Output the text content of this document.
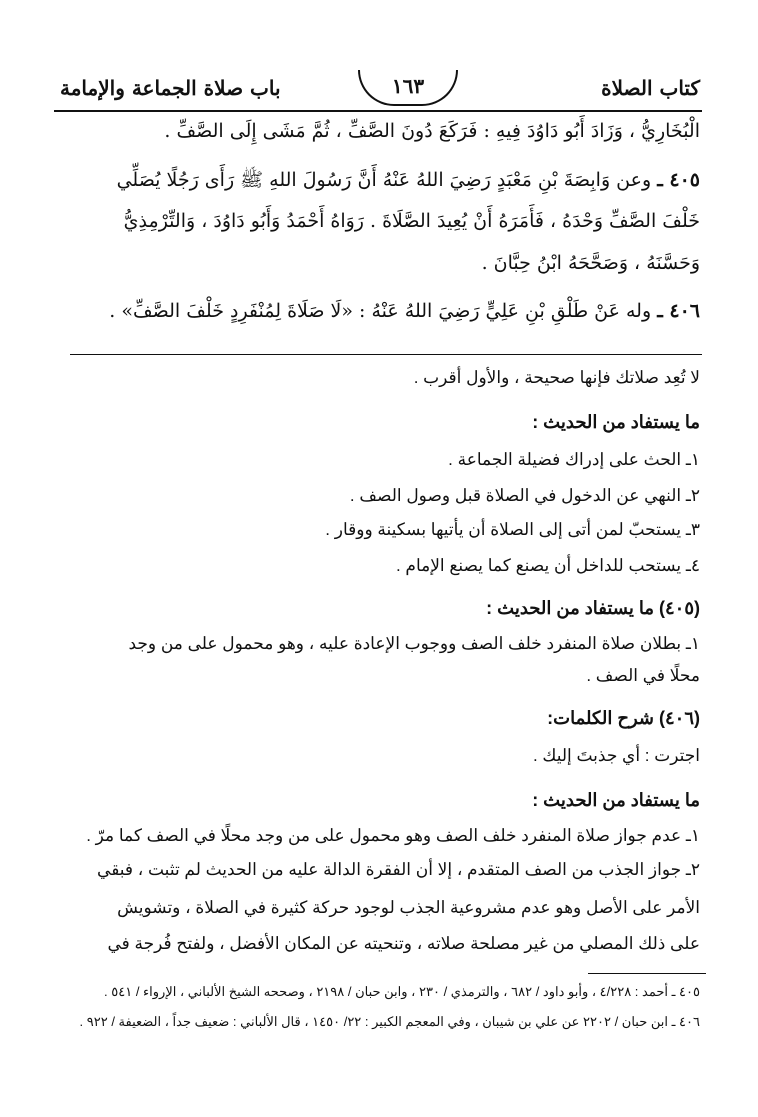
كتاب الصلاة
١٦٣
باب صلاة الجماعة والإمامة
الْبُخَارِيُّ ، وَزَادَ أَبُو دَاوُدَ فِيهِ : فَرَكَعَ دُونَ الصَّفِّ ، ثُمَّ مَشَى إِلَى الصَّفِّ .
٤٠٥ ـ وعن وَابِصَةَ بْنِ مَعْبَدٍ رَضِيَ اللهُ عَنْهُ أَنَّ رَسُولَ اللهِ ﷺ رَأَى رَجُلًا يُصَلِّي
خَلْفَ الصَّفِّ وَحْدَهُ ، فَأَمَرَهُ أَنْ يُعِيدَ الصَّلَاةَ . رَوَاهُ أَحْمَدُ وَأَبُو دَاوُدَ ، وَالتِّرْمِذِيُّ
وَحَسَّنَهُ ، وَصَحَّحَهُ ابْنُ حِبَّانَ .
٤٠٦ ـ وله عَنْ طَلْقِ بْنِ عَلِيٍّ رَضِيَ اللهُ عَنْهُ : «لَا صَلَاةَ لِمُنْفَرِدٍ خَلْفَ الصَّفِّ» .
لا تُعِد صلاتك فإنها صحيحة ، والأول أقرب .
ما يستفاد من الحديث :
١ـ الحث على إدراك فضيلة الجماعة .
٢ـ النهي عن الدخول في الصلاة قبل وصول الصف .
٣ـ يستحبّ لمن أتى إلى الصلاة أن يأتيها بسكينة ووقار .
٤ـ يستحب للداخل أن يصنع كما يصنع الإمام .
(٤٠٥) ما يستفاد من الحديث :
١ـ بطلان صلاة المنفرد خلف الصف ووجوب الإعادة عليه ، وهو محمول على من وجد
محلًا في الصف .
(٤٠٦) شرح الكلمات:
اجترت : أي جذبتَ إليك .
ما يستفاد من الحديث :
١ـ عدم جواز صلاة المنفرد خلف الصف وهو محمول على من وجد محلًا في الصف كما مرّ .
٢ـ جواز الجذب من الصف المتقدم ، إلا أن الفقرة الدالة عليه من الحديث لم تثبت ، فبقي
الأمر على الأصل وهو عدم مشروعية الجذب لوجود حركة كثيرة في الصلاة ، وتشويش
على ذلك المصلي من غير مصلحة صلاته ، وتنحيته عن المكان الأفضل ، ولفتح فُرجة في
٤٠٥ ـ أحمد : ٤/٢٢٨ ، وأبو داود / ٦٨٢ ، والترمذي / ٢٣٠ ، وابن حبان / ٢١٩٨ ، وصححه الشيخ الألباني ، الإرواء / ٥٤١ .
٤٠٦ ـ ابن حبان / ٢٢٠٢ عن علي بن شيبان ، وفي المعجم الكبير : ٢٢/ ١٤٥٠ ، قال الألباني : ضعيف جداً ، الضعيفة / ٩٢٢ .
